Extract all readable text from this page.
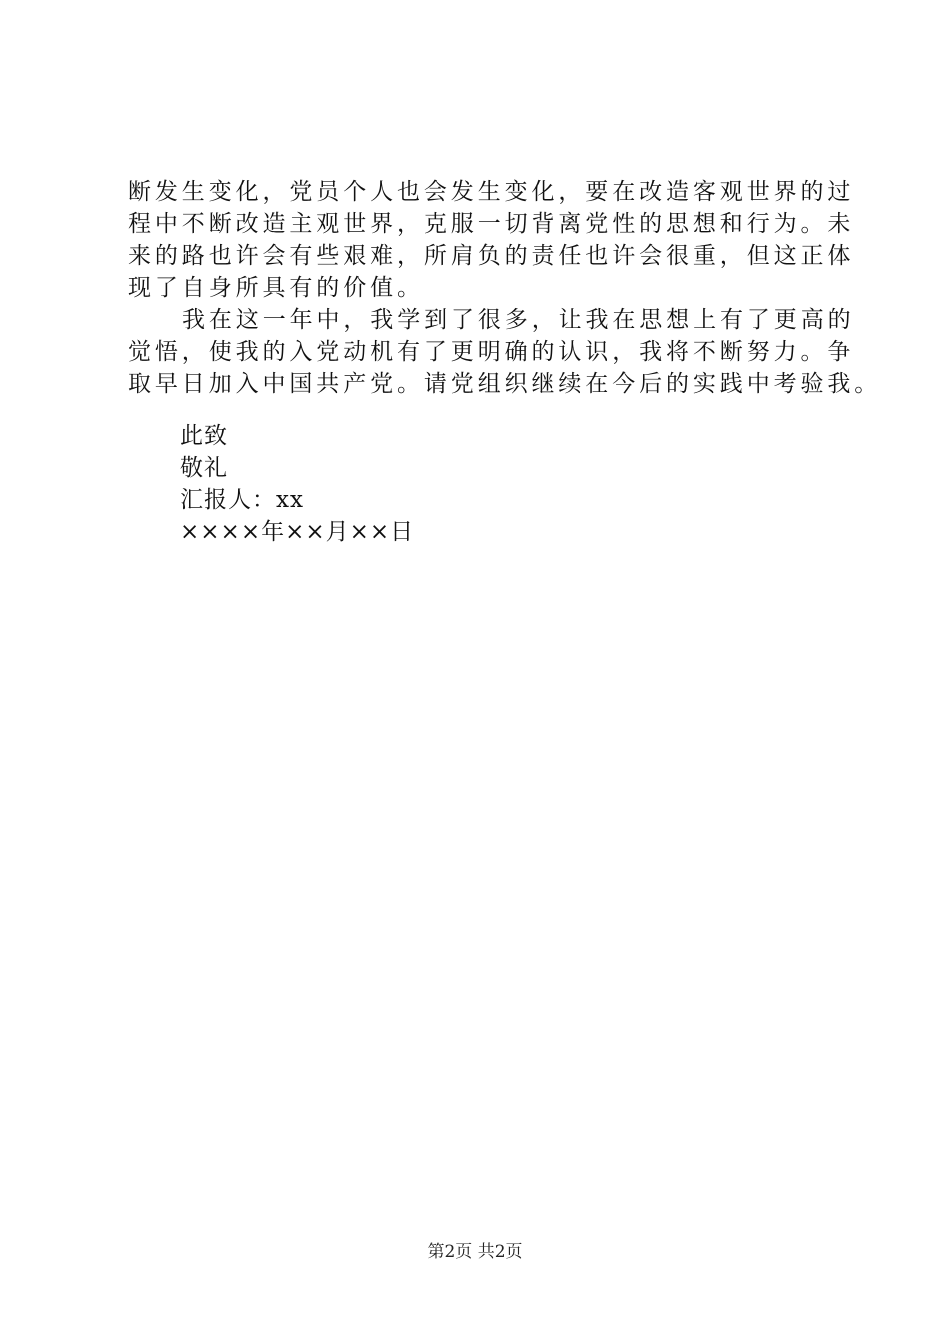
断发生变化，党员个人也会发生变化，要在改造客观世界的过
程中不断改造主观世界，克服一切背离党性的思想和行为。未
来的路也许会有些艰难，所肩负的责任也许会很重，但这正体
现了自身所具有的价值。
我在这一年中，我学到了很多，让我在思想上有了更高的
觉悟，使我的入党动机有了更明确的认识，我将不断努力。争
取早日加入中国共产党。请党组织继续在今后的实践中考验我。
此致
敬礼
汇报人：xx
××××年××月××日
第2页 共2页
